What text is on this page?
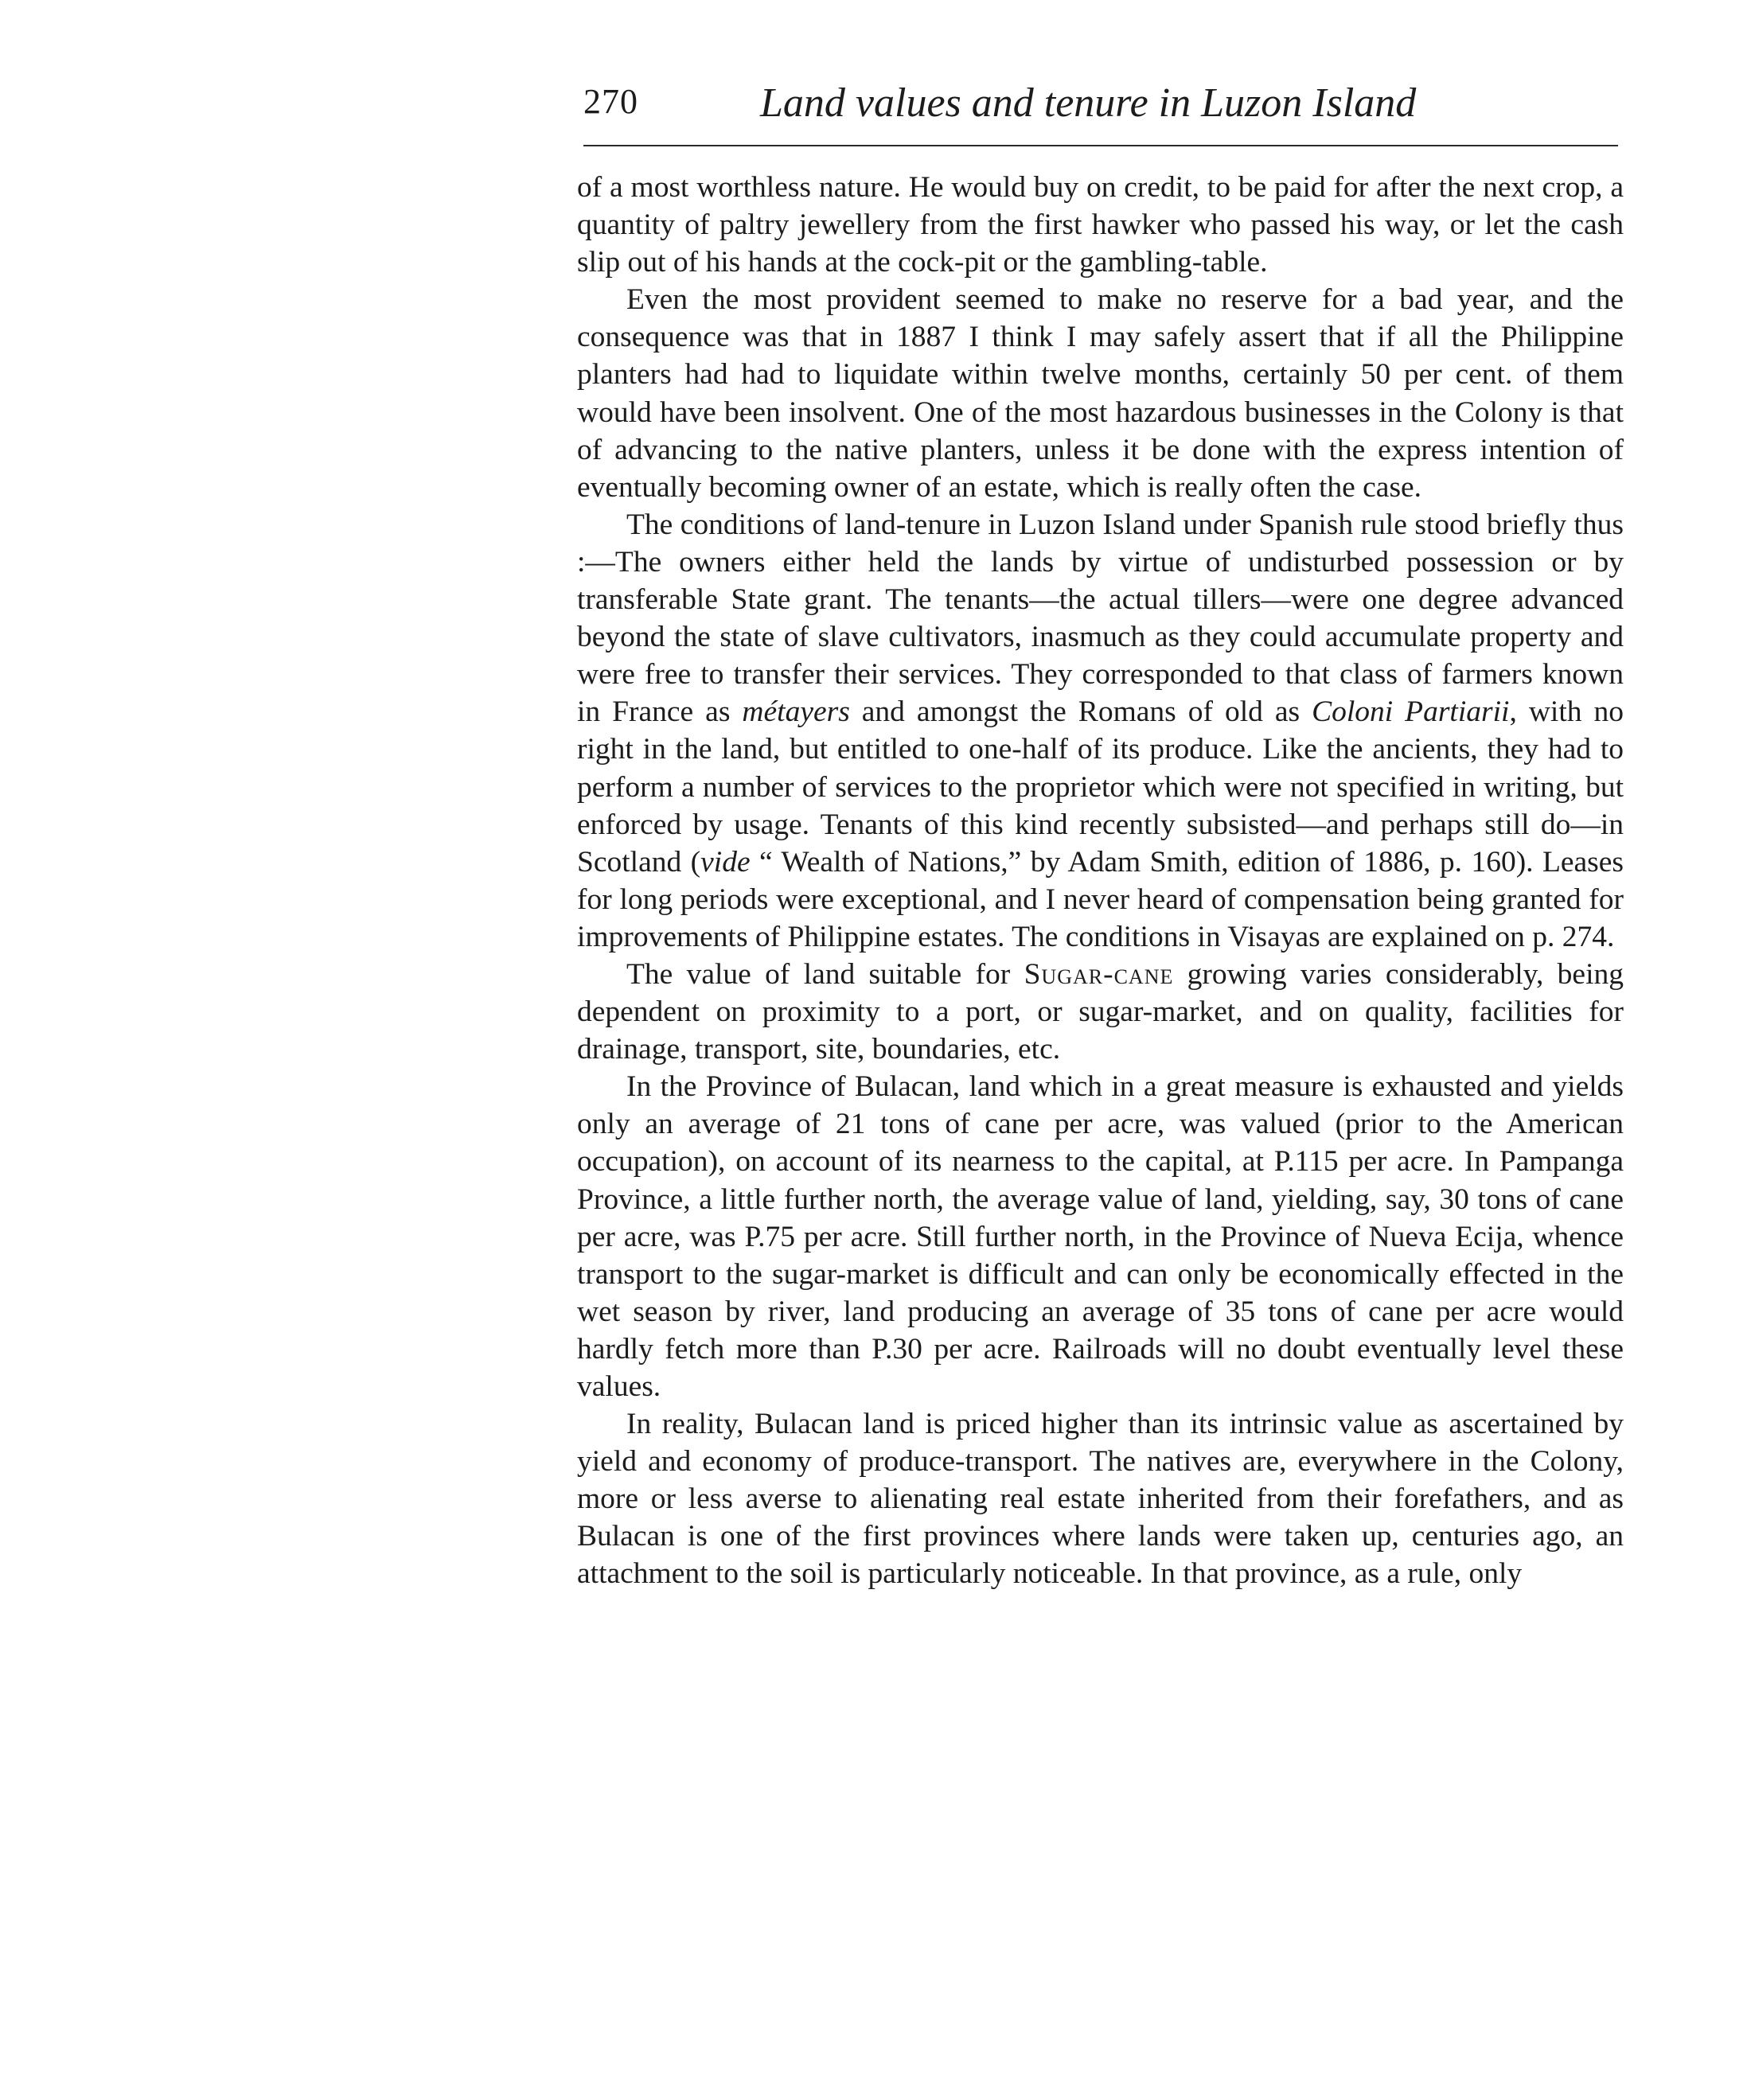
270	Land values and tenure in Luzon Island

of a most worthless nature. He would buy on credit, to be paid for after the next crop, a quantity of paltry jewellery from the first hawker who passed his way, or let the cash slip out of his hands at the cock-pit or the gambling-table.

Even the most provident seemed to make no reserve for a bad year, and the consequence was that in 1887 I think I may safely assert that if all the Philippine planters had had to liquidate within twelve months, certainly 50 per cent. of them would have been insolvent. One of the most hazardous businesses in the Colony is that of advancing to the native planters, unless it be done with the express intention of eventually becoming owner of an estate, which is really often the case.

The conditions of land-tenure in Luzon Island under Spanish rule stood briefly thus :—The owners either held the lands by virtue of undisturbed possession or by transferable State grant. The tenants—the actual tillers—were one degree advanced beyond the state of slave cultivators, inasmuch as they could accumulate property and were free to transfer their services. They corresponded to that class of farmers known in France as métayers and amongst the Romans of old as Coloni Partiarii, with no right in the land, but entitled to one-half of its produce. Like the ancients, they had to perform a number of services to the proprietor which were not specified in writing, but enforced by usage. Tenants of this kind recently subsisted—and perhaps still do—in Scotland (vide “ Wealth of Nations,” by Adam Smith, edition of 1886, p. 160). Leases for long periods were exceptional, and I never heard of compensation being granted for improvements of Philippine estates. The conditions in Visayas are explained on p. 274.

The value of land suitable for Sugar-cane growing varies considerably, being dependent on proximity to a port, or sugar-market, and on quality, facilities for drainage, transport, site, boundaries, etc.

In the Province of Bulacan, land which in a great measure is exhausted and yields only an average of 21 tons of cane per acre, was valued (prior to the American occupation), on account of its nearness to the capital, at P.115 per acre. In Pampanga Province, a little further north, the average value of land, yielding, say, 30 tons of cane per acre, was P.75 per acre. Still further north, in the Province of Nueva Ecija, whence transport to the sugar-market is difficult and can only be economically effected in the wet season by river, land producing an average of 35 tons of cane per acre would hardly fetch more than P.30 per acre. Railroads will no doubt eventually level these values.

In reality, Bulacan land is priced higher than its intrinsic value as ascertained by yield and economy of produce-transport. The natives are, everywhere in the Colony, more or less averse to alienating real estate inherited from their forefathers, and as Bulacan is one of the first provinces where lands were taken up, centuries ago, an attachment to the soil is particularly noticeable. In that province, as a rule, only
